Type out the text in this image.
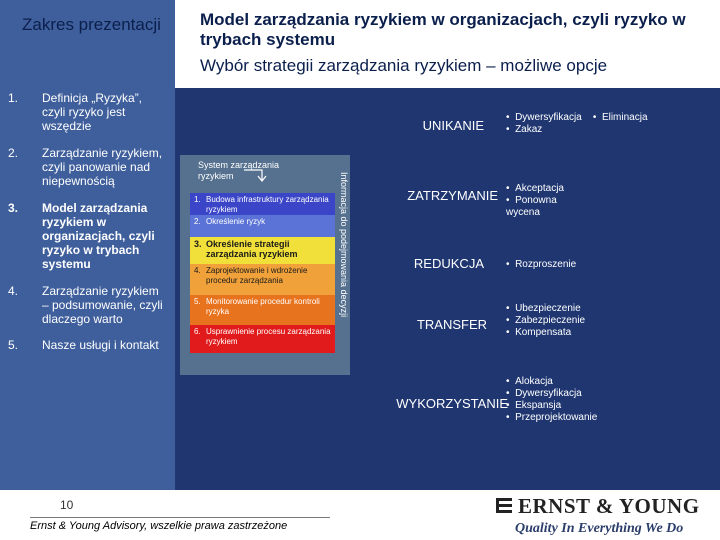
Zakres prezentacji
1. Definicja „Ryzyka”, czyli ryzyko jest wszędzie
2. Zarządzanie ryzykiem, czyli panowanie nad niepewnością
3. Model zarządzania ryzykiem w organizacjach, czyli ryzyko w trybach systemu
4. Zarządzanie ryzykiem – podsumowanie, czyli dlaczego warto
5. Nasze usługi i kontakt
Model zarządzania ryzykiem w organizacjach, czyli ryzyko w trybach systemu
Wybór strategii zarządzania ryzykiem – możliwe opcje
System zarządzania ryzykiem
1. Budowa infrastruktury zarządzania ryzykiem
2. Określenie ryzyk
3. Określenie strategii zarządzania ryzykiem
4. Zaprojektowanie i wdrożenie procedur zarządzania
5. Monitorowanie procedur kontroli ryzyka
6. Usprawnienie procesu zarządzania ryzykiem
Informacja do podejmowania decyzji
UNIKANIE
•  Dywersyfikacja •  Eliminacja
•  Zakaz
ZATRZYMANIE	•  Akceptacja
•  Ponowna wycena
REDUKCJA	•  Rozproszenie
TRANSFER
•  Ubezpieczenie
•  Zabezpieczenie
•  Kompensata
WYKORZYSTANIE
•  Alokacja
•  Dywersyfikacja
•  Ekspansja
•  Przeprojektowanie
10
Ernst & Young Advisory, wszelkie prawa zastrzeżone
ERNST & YOUNG
Quality In Everything We Do
